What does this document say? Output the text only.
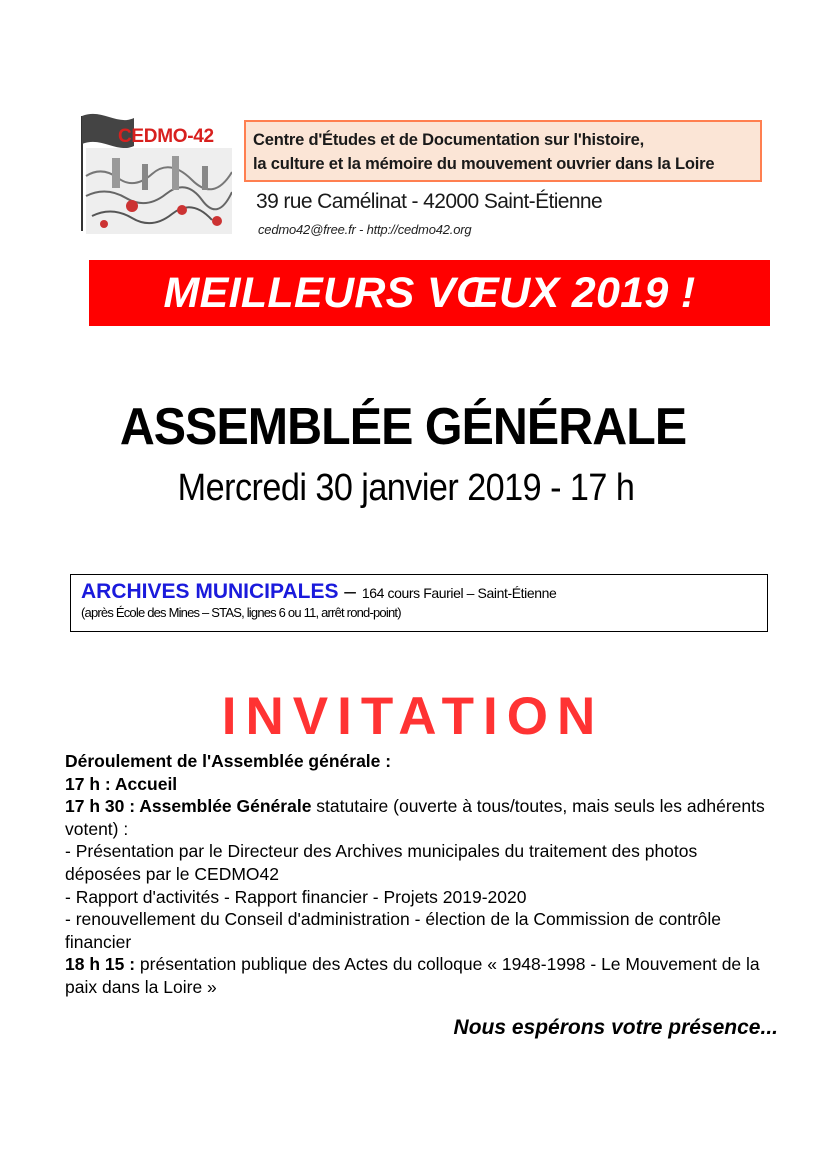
CEDMO-42 Centre d'Études et de Documentation sur l'histoire,
la culture et la mémoire du mouvement ouvrier dans la Loire
39 rue Camélinat - 42000 Saint-Étienne
cedmo42@free.fr - http://cedmo42.org
MEILLEURS VŒUX 2019 !
ASSEMBLÉE GÉNÉRALE
Mercredi 30 janvier 2019 - 17 h
ARCHIVES MUNICIPALES – 164 cours Fauriel – Saint-Étienne
(après École des Mines – STAS, lignes 6 ou 11, arrêt rond-point)
INVITATION

Déroulement de l'Assemblée générale :

17 h : Accueil

17 h 30 : Assemblée Générale statutaire (ouverte à tous/toutes, mais seuls les adhérents votent) :

- Présentation par le Directeur des Archives municipales du traitement des photos déposées par le CEDMO42

- Rapport d'activités - Rapport financier - Projets 2019-2020

- renouvellement du Conseil d'administration - élection de la Commission de contrôle financier

18 h 15 : présentation publique des Actes du colloque « 1948-1998 - Le Mouvement de la paix dans la Loire »

Nous espérons votre présence...
